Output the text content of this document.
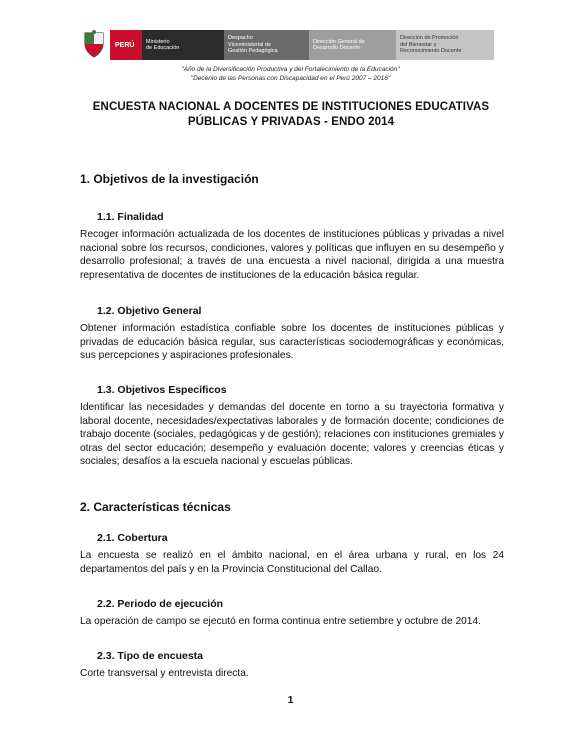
PERÚ	Ministerio
de Educación
Despacho
Viceministerial de
Gestión Pedagógica
Dirección General de
Desarrollo Docente
Dirección de Promoción
del Bienestar y
Reconocimiento Docente
"Año de la Diversificación Productiva y del Fortalecimiento de la Educación"
"Decenio de las Personas con Discapacidad en el Perú 2007 – 2016"
ENCUESTA NACIONAL A DOCENTES DE INSTITUCIONES EDUCATIVAS PÚBLICAS Y PRIVADAS - ENDO 2014
1. Objetivos de la investigación
1.1. Finalidad
Recoger información actualizada de los docentes de instituciones públicas y privadas a nivel nacional sobre los recursos, condiciones, valores y políticas que influyen en su desempeño y desarrollo profesional; a través de una encuesta a nivel nacional, dirigida a una muestra representativa de docentes de instituciones de la educación básica regular.
1.2. Objetivo General
Obtener información estadística confiable sobre los docentes de instituciones públicas y privadas de educación básica regular, sus características sociodemográficas y económicas, sus percepciones y aspiraciones profesionales.
1.3. Objetivos Específicos
Identificar las necesidades y demandas del docente en torno a su trayectoria formativa y laboral docente, necesidades/expectativas laborales y de formación docente; condiciones de trabajo docente (sociales, pedagógicas y de gestión); relaciones con instituciones gremiales y otras del sector educación; desempeño y evaluación docente; valores y creencias éticas y sociales; desafíos a la escuela nacional y escuelas públicas.
2. Características técnicas
2.1. Cobertura
La encuesta se realizó en el ámbito nacional, en el área urbana y rural, en los 24 departamentos del país y en la Provincia Constitucional del Callao.
2.2. Periodo de ejecución
La operación de campo se ejecutó en forma continua entre setiembre y octubre de 2014.
2.3. Tipo de encuesta
Corte transversal y entrevista directa.
1
